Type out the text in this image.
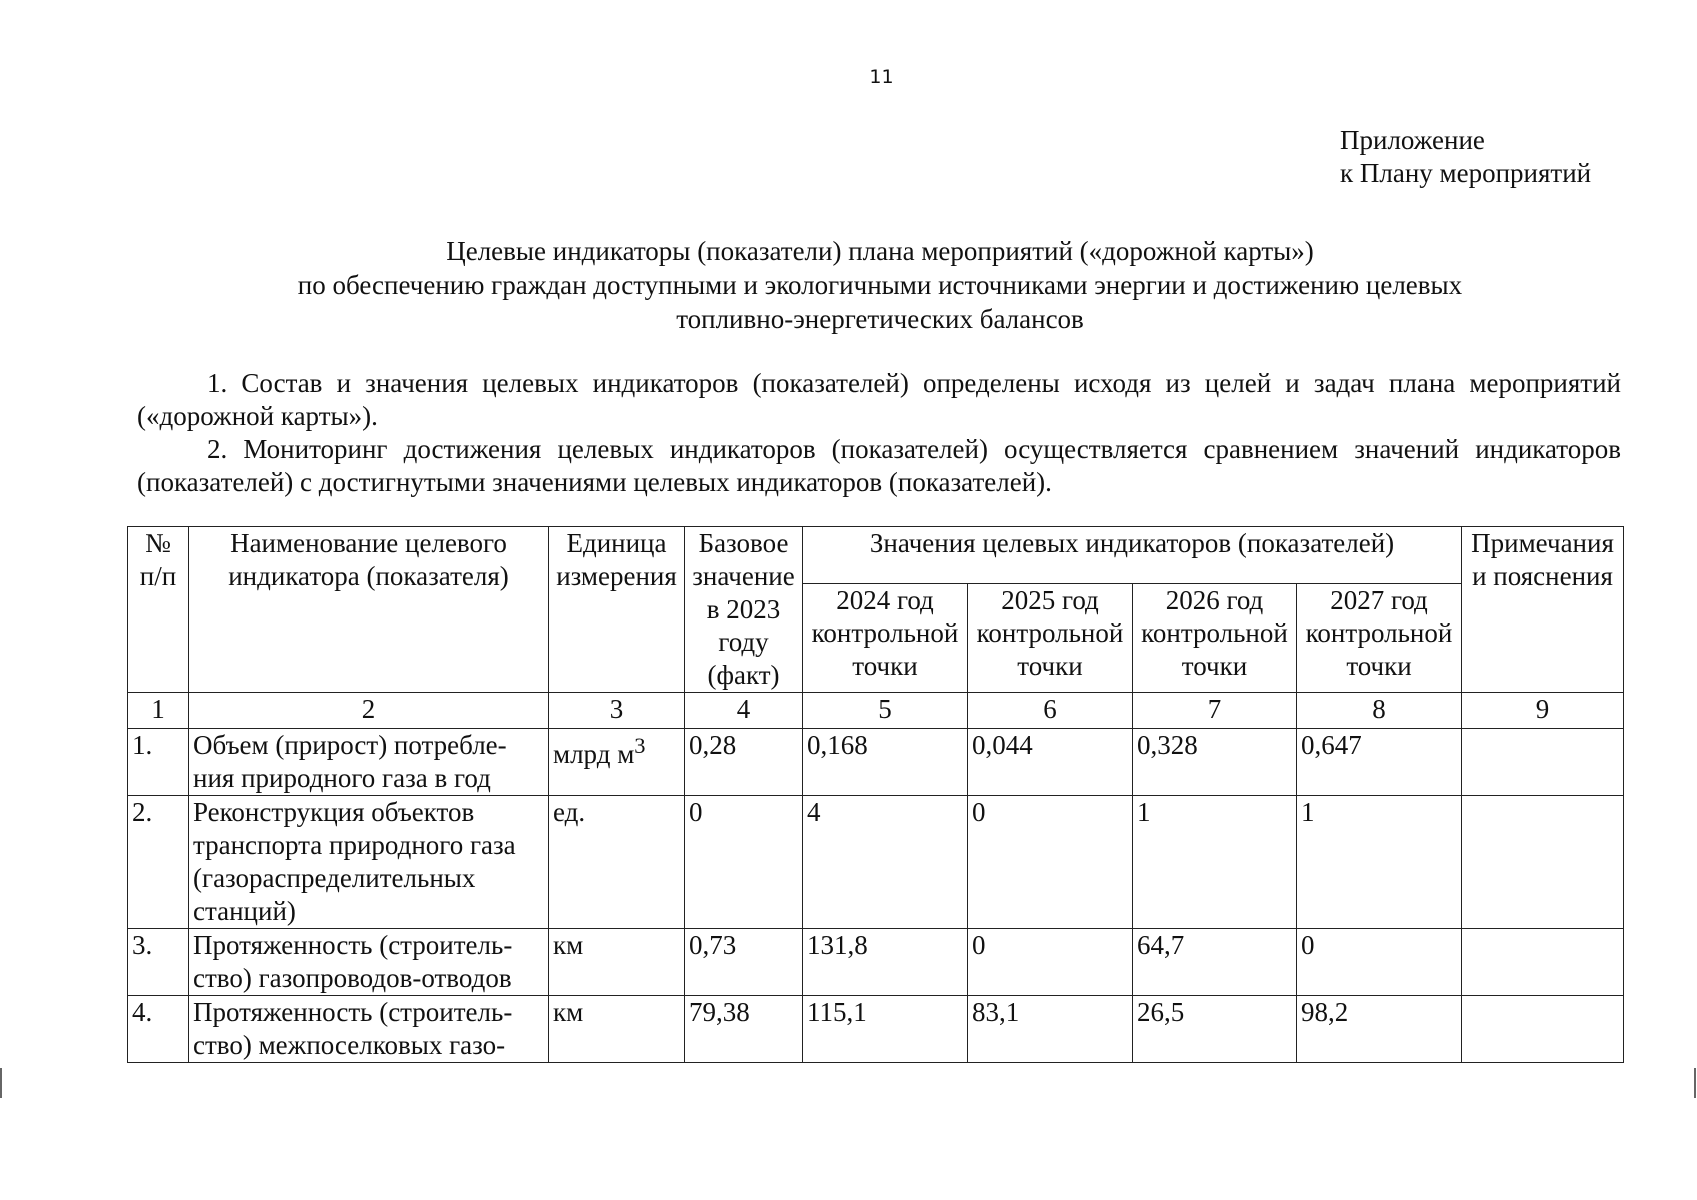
11
Приложение
к Плану мероприятий
Целевые индикаторы (показатели) плана мероприятий («дорожной карты»)
по обеспечению граждан доступными и экологичными источниками энергии и достижению целевых
топливно-энергетических балансов

1. Состав и значения целевых индикаторов (показателей) определены исходя из целей и задач плана мероприятий («дорожной карты»).

2. Мониторинг достижения целевых индикаторов (показателей) осуществляется сравнением значений индикаторов (показателей) с достигнутыми значениями целевых индикаторов (показателей).

№ п/п	Наименование целевого индикатора (показателя)	Единица измерения	Базовое значение в 2023 году (факт)	Значения целевых индикаторов (показателей)				Примечания и пояснения
				2024 год контрольной точки	2025 год контрольной точки	2026 год контрольной точки	2027 год контрольной точки	
1	2	3	4	5	6	7	8	9
1.	Объем (прирост) потребле-ния природного газа в год	млрд $м^3$	0,28	0,168	0,044	0,328	0,647	
2.	Реконструкция объектов транспорта природного газа (газораспределительных станций)	ед.	0	4	0	1	1	
3.	Протяженность (строитель-ство) газопроводов-отводов	км	0,73	131,8	0	64,7	0	
4.	Протяженность (строитель-ство) межпоселковых газо-	км	79,38	115,1	83,1	26,5	98,2	
